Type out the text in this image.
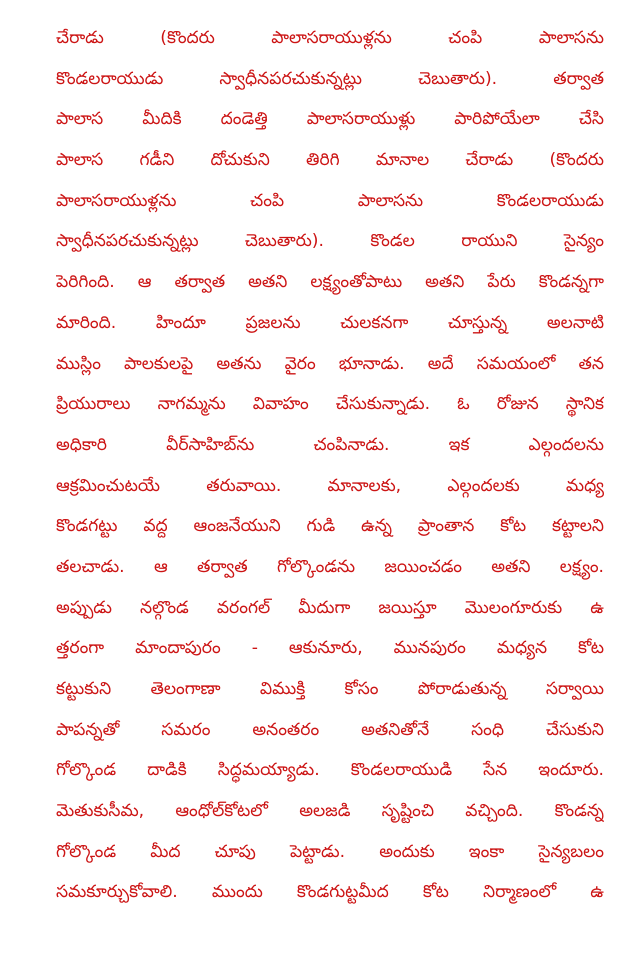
చేరాడు (కొందరు పాలాసరాయుళ్లను చంపి పాలాసను
కొండలరాయుడు స్వాధీనపరచుకున్నట్లు చెబుతారు). తర్వాత
పాలాస మీదికి దండెత్తి పాలాసరాయుళ్లు పారిపోయేలా చేసి
పాలాస గడీని దోచుకుని తిరిగి మానాల చేరాడు (కొందరు
పాలాసరాయుళ్లను చంపి పాలాసను కొండలరాయుడు
స్వాధీనపరచుకున్నట్లు చెబుతారు). కొండల రాయుని సైన్యం
పెరిగింది. ఆ తర్వాత అతని లక్ష్యంతోపాటు అతని పేరు కొండన్నగా
మారింది. హిందూ ప్రజలను చులకనగా చూస్తున్న అలనాటి
ముస్లిం పాలకులపై అతను వైరం భూనాడు. అదే సమయంలో తన
ప్రియురాలు నాగమ్మను వివాహం చేసుకున్నాడు. ఓ రోజున స్థానిక
అధికారి వీర్‌సాహిబ్‌ను చంపినాడు. ఇక ఎల్గందలను
ఆక్రమించుటయే తరువాయి. మానాలకు, ఎల్గందలకు మధ్య
కొండగట్టు వద్ద ఆంజనేయుని గుడి ఉన్న ప్రాంతాన కోట కట్టాలని
తలచాడు. ఆ తర్వాత గోల్కొండను జయించడం అతని లక్ష్యం.
అప్పుడు నల్గొండ వరంగల్ మీదుగా జయిస్తూ మొలంగూరుకు ఉ
త్తరంగా మాందాపురం - ఆకునూరు, మునపురం మధ్యన కోట
కట్టుకుని తెలంగాణా విముక్తి కోసం పోరాడుతున్న సర్వాయి
పాపన్నతో సమరం అనంతరం అతనితోనే సంధి చేసుకుని
గోల్కొండ దాడికి సిద్ధమయ్యాడు. కొండలరాయుడి సేన ఇందూరు.
మెతుకుసీమ, ఆంధోల్‌కోటలో అలజడి సృష్టించి వచ్చింది. కొండన్న
గోల్కొండ మీద చూపు పెట్టాడు. అందుకు ఇంకా సైన్యబలం
సమకూర్చుకోవాలి. ముందు కొండగుట్టమీద కోట నిర్మాణంలో ఉ
